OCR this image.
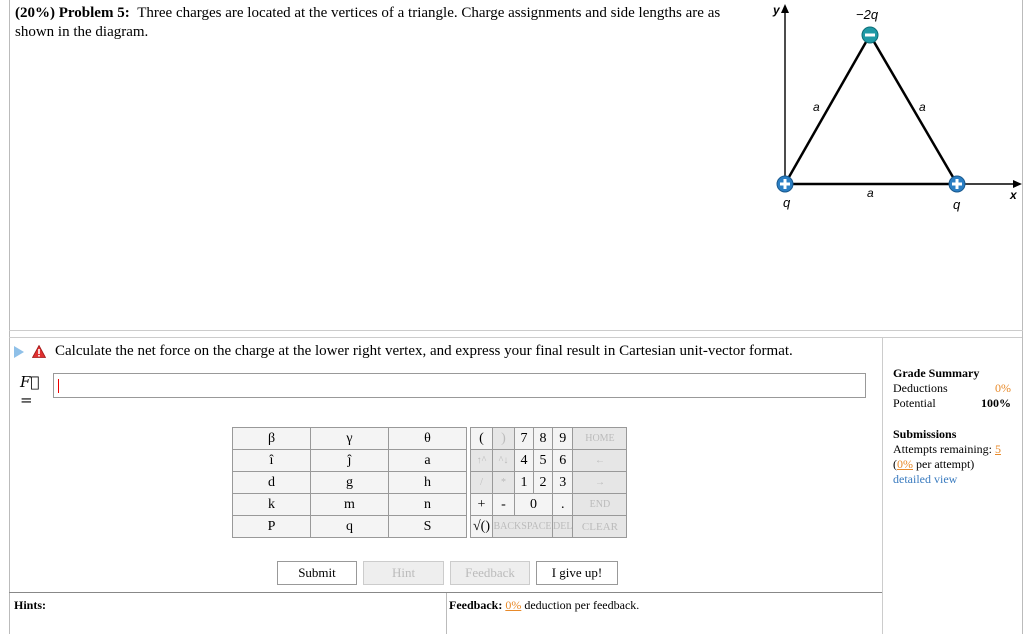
(20%) Problem 5: Three charges are located at the vertices of a triangle. Charge assignments and side lengths are as shown in the diagram.
y
x
a	a
a
−2q
q	q
Calculate the net force on the charge at the lower right vertex, and express your final result in Cartesian unit-vector format.
F⃗ =
β	γ	θ
î	ĵ	a
d	g	h
k	m	n
P	q	S
(	)	7	8	9	HOME
↑^	^↓	4	5	6	←
/	*	1	2	3	→
+	-	0		.	END
√()	BACKSPACE			DEL	CLEAR
Submit	Hint	Feedback	I give up!
Hints:	Feedback: 0% deduction per feedback.
Grade Summary
Deductions	0%
Potential	100%
Submissions
Attempts remaining: 5
(0% per attempt)
detailed view
